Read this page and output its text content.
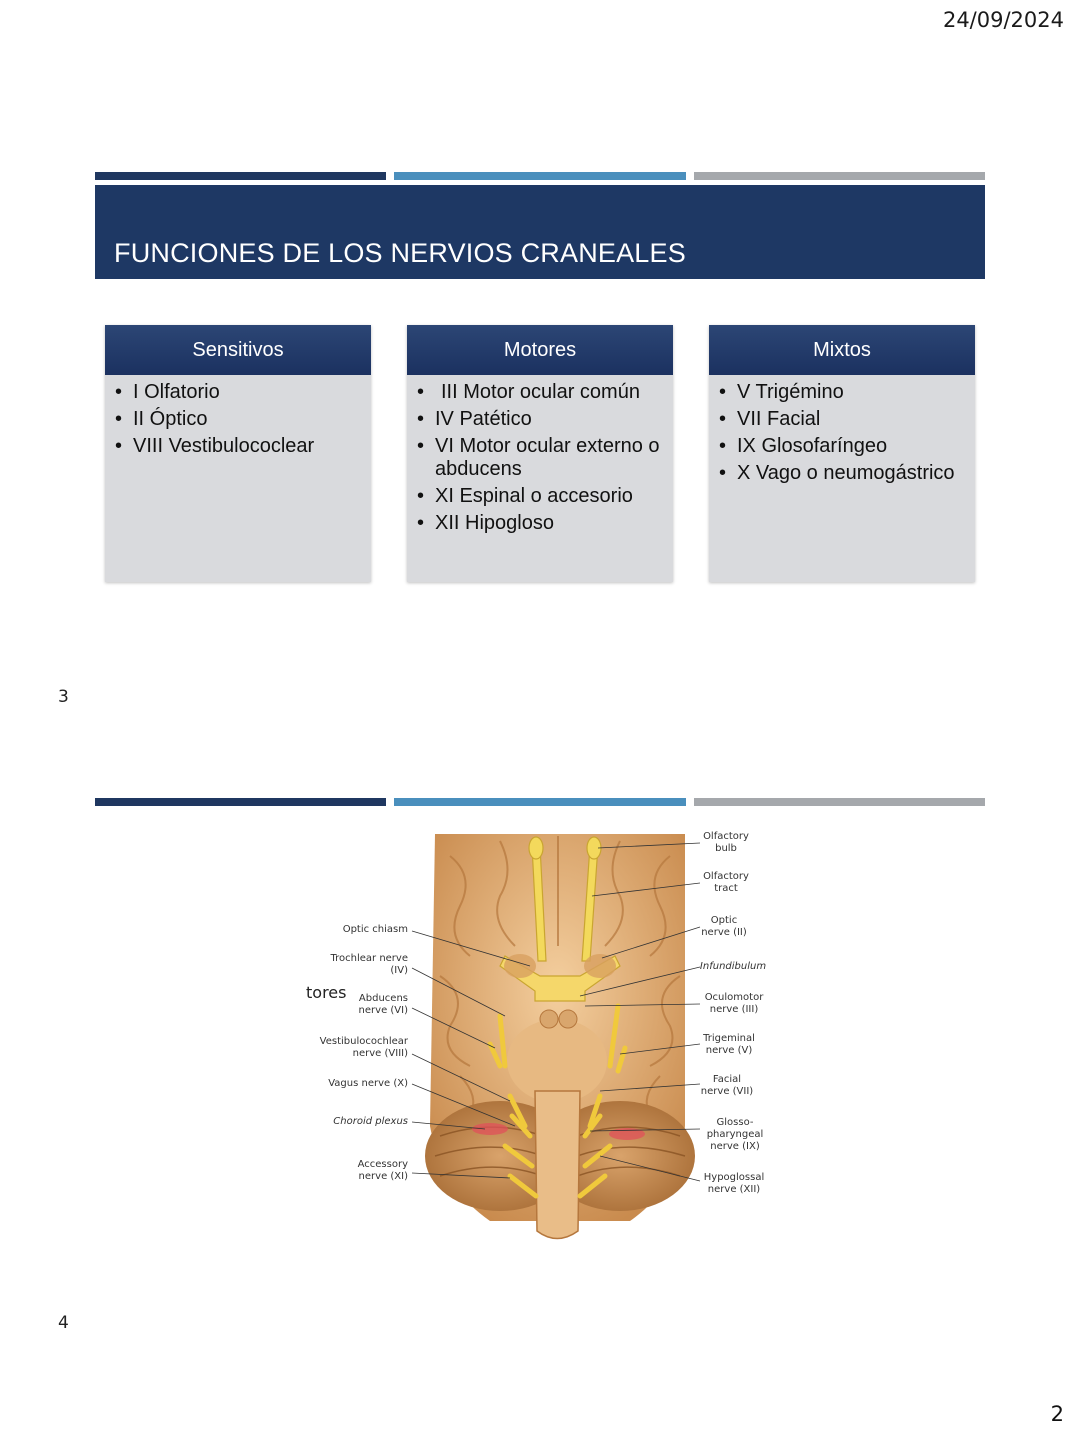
24/09/2024
FUNCIONES DE LOS NERVIOS CRANEALES
Sensitivos
• I Olfatorio
• II Óptico
• VIII Vestibulococlear
Motores
• III Motor ocular común
• IV Patético
• VI Motor ocular externo o abducens
• XI Espinal o accesorio
• XII Hipogloso
Mixtos
• V Trigémino
• VII Facial
• IX Glosofaríngeo
• X Vago o neumogástrico
3
tores
Optic chiasm
Trochlear nerve (IV)
Abducens nerve (VI)
Vestibulocochlear nerve (VIII)
Vagus nerve (X)
Choroid plexus
Accessory nerve (XI)
Olfactory bulb
Olfactory tract
Optic nerve (II)
Infundibulum
Oculomotor nerve (III)
Trigeminal nerve (V)
Facial nerve (VII)
Glosso-pharyngeal nerve (IX)
Hypoglossal nerve (XII)
4
2
